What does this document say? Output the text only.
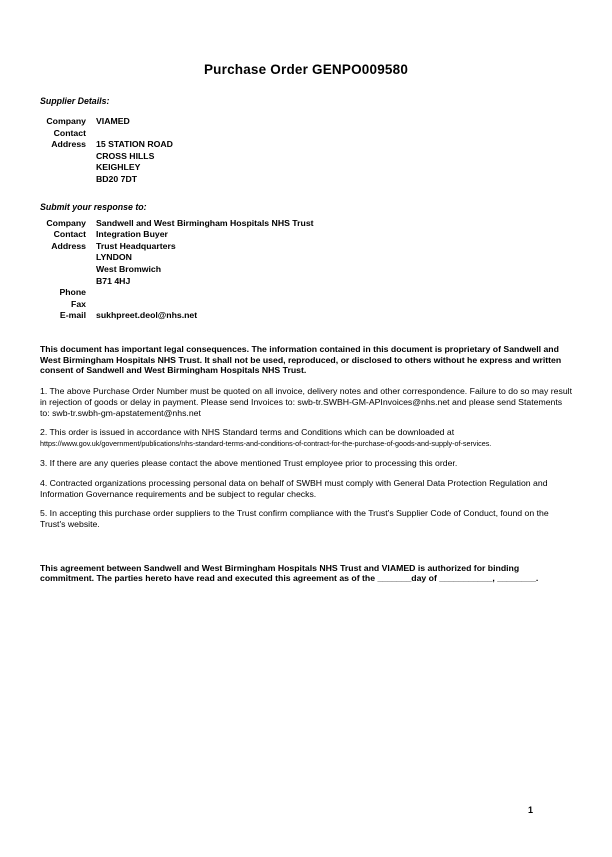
Purchase Order GENPO009580
Supplier Details:
Company VIAMED
Contact
Address 15 STATION ROAD
CROSS HILLS
KEIGHLEY
BD20 7DT
Submit your response to:
Company Sandwell and West Birmingham Hospitals NHS Trust
Contact Integration Buyer
Address Trust Headquarters
LYNDON
West Bromwich
B71 4HJ
Phone
Fax
E-mail sukhpreet.deol@nhs.net
This document has important legal consequences. The information contained in this document is proprietary of Sandwell and West Birmingham Hospitals NHS Trust. It shall not be used, reproduced, or disclosed to others without he express and written consent of Sandwell and West Birmingham Hospitals NHS Trust.
1. The above Purchase Order Number must be quoted on all invoice, delivery notes and other correspondence. Failure to do so may result in rejection of goods or delay in payment. Please send Invoices to: swb-tr.SWBH-GM-APInvoices@nhs.net and please send Statements to: swb-tr.swbh-gm-apstatement@nhs.net
2. This order is issued in accordance with NHS Standard terms and Conditions which can be downloaded at https://www.gov.uk/government/publications/nhs-standard-terms-and-conditions-of-contract-for-the-purchase-of-goods-and-supply-of-services.
3. If there are any queries please contact the above mentioned Trust employee prior to processing this order.
4. Contracted organizations processing personal data on behalf of SWBH must comply with General Data Protection Regulation and Information Governance requirements and be subject to regular checks.
5. In accepting this purchase order suppliers to the Trust confirm compliance with the Trust's Supplier Code of Conduct, found on the Trust's website.
This agreement between Sandwell and West Birmingham Hospitals NHS Trust and VIAMED is authorized for binding commitment. The parties hereto have read and executed this agreement as of the _______day of ___________, ________.
1
